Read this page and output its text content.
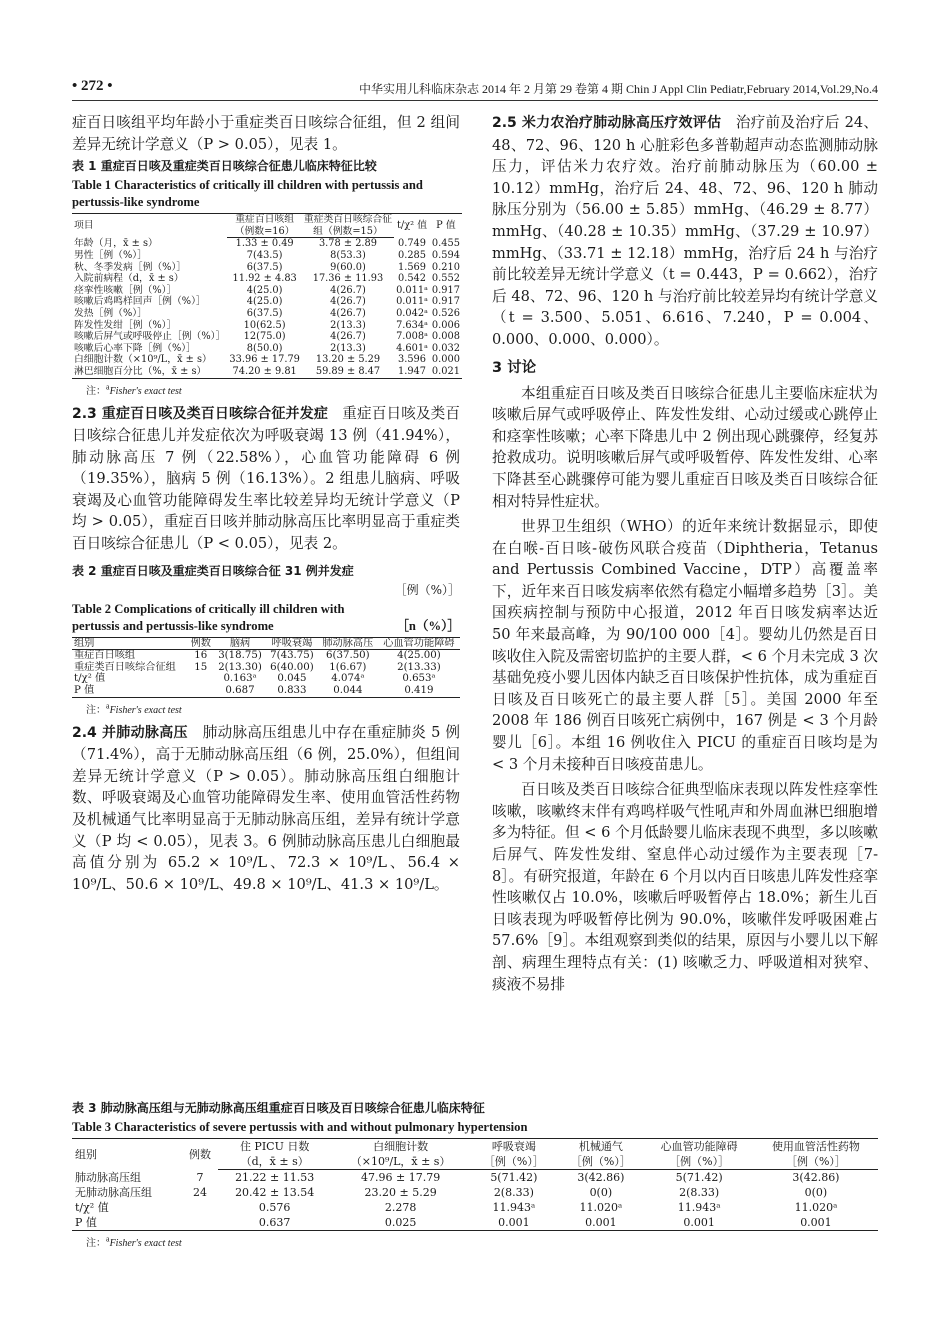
• 272 •	中华实用儿科临床杂志 2014 年 2 月第 29 卷第 4 期 Chin J Appl Clin Pediatr,February 2014,Vol.29,No.4

症百日咳组平均年龄小于重症类百日咳综合征组，但 2 组间差异无统计学意义（P > 0.05），见表 1。

表 1 重症百日咳及重症类百日咳综合征患儿临床特征比较
Table 1 Characteristics of critically ill children with pertussis and pertussis-like syndrome
项目	重症百日咳组	重症类百日咳综合征	t/χ² 值	P 值
	（例数=16）	组（例数=15）		
年龄（月，x̄ ± s）	1.33 ± 0.49	3.78 ± 2.89	0.749	0.455
男性［例（%）］	7(43.5)	8(53.3)	0.285	0.594
秋、冬季发病［例（%）］	6(37.5)	9(60.0)	1.569	0.210
入院前病程（d，x̄ ± s）	11.92 ± 4.83	17.36 ± 11.93	0.542	0.552
痉挛性咳嗽［例（%）］	4(25.0)	4(26.7)	0.011ᵃ	0.917
咳嗽后鸡鸣样回声［例（%）］	4(25.0)	4(26.7)	0.011ᵃ	0.917
发热［例（%）］	6(37.5)	4(26.7)	0.042ᵃ	0.526
阵发性发绀［例（%）］	10(62.5)	2(13.3)	7.634ᵃ	0.006
咳嗽后屏气或呼吸停止［例（%）］	12(75.0)	4(26.7)	7.008ᵃ	0.008
咳嗽后心率下降［例（%）］	8(50.0)	2(13.3)	4.601ᵃ	0.032
白细胞计数（×10⁹/L，x̄ ± s）	33.96 ± 17.79	13.20 ± 5.29	3.596	0.000
淋巴细胞百分比（%，x̄ ± s）	74.20 ± 9.81	59.89 ± 8.47	1.947	0.021
注：$^a$Fisher's exact test

2.3 重症百日咳及类百日咳综合征并发症 重症百日咳及类百日咳综合征患儿并发症依次为呼吸衰竭 13 例（41.94%），肺动脉高压 7 例（22.58%），心血管功能障碍 6 例（19.35%），脑病 5 例（16.13%）。2 组患儿脑病、呼吸衰竭及心血管功能障碍发生率比较差异均无统计学意义（P 均 > 0.05），重症百日咳并肺动脉高压比率明显高于重症类百日咳综合征患儿（P < 0.05），见表 2。

表 2 重症百日咳及重症类百日咳综合征 31 例并发症
［例（%）］
Table 2 Complications of critically ill children with pertussis and pertussis-like syndrome	［n（%）］
组别	例数	脑病	呼吸衰竭	肺动脉高压	心血管功能障碍
重症百日咳组	16	3(18.75)	7(43.75)	6(37.50)	4(25.00)
重症类百日咳综合征组	15	2(13.30)	6(40.00)	1(6.67)	2(13.33)
t/χ² 值		0.163ᵃ	0.045	4.074ᵃ	0.653ᵃ
P 值		0.687	0.833	0.044	0.419
注：$^a$Fisher's exact test

2.4 并肺动脉高压 肺动脉高压组患儿中存在重症肺炎 5 例（71.4%），高于无肺动脉高压组（6 例，25.0%），但组间差异无统计学意义（P > 0.05）。肺动脉高压组白细胞计数、呼吸衰竭及心血管功能障碍发生率、使用血管活性药物及机械通气比率明显高于无肺动脉高压组，差异有统计学意义（P 均 < 0.05），见表 3。6 例肺动脉高压患儿白细胞最高值分别为 65.2 × 10⁹/L、72.3 × 10⁹/L、56.4 × 10⁹/L、50.6 × 10⁹/L、49.8 × 10⁹/L、41.3 × 10⁹/L。

2.5 米力农治疗肺动脉高压疗效评估 治疗前及治疗后 24、48、72、96、120 h 心脏彩色多普勒超声动态监测肺动脉压力，评估米力农疗效。治疗前肺动脉压为（60.00 ± 10.12）mmHg，治疗后 24、48、72、96、120 h 肺动脉压分别为（56.00 ± 5.85）mmHg、（46.29 ± 8.77）mmHg、（40.28 ± 10.35）mmHg、（37.29 ± 10.97）mmHg、（33.71 ± 12.18）mmHg，治疗后 24 h 与治疗前比较差异无统计学意义（t = 0.443，P = 0.662），治疗后 48、72、96、120 h 与治疗前比较差异均有统计学意义（t = 3.500、5.051、6.616、7.240，P = 0.004、0.000、0.000、0.000）。

3 讨论

本组重症百日咳及类百日咳综合征患儿主要临床症状为咳嗽后屏气或呼吸停止、阵发性发绀、心动过缓或心跳停止和痉挛性咳嗽；心率下降患儿中 2 例出现心跳骤停，经复苏抢救成功。说明咳嗽后屏气或呼吸暂停、阵发性发绀、心率下降甚至心跳骤停可能为婴儿重症百日咳及类百日咳综合征相对特异性症状。

世界卫生组织（WHO）的近年来统计数据显示，即使在白喉-百日咳-破伤风联合疫苗（Diphtheria，Tetanus and Pertussis Combined Vaccine，DTP）高覆盖率下，近年来百日咳发病率依然有稳定小幅增多趋势［3］。美国疾病控制与预防中心报道，2012 年百日咳发病率达近 50 年来最高峰，为 90/100 000［4］。婴幼儿仍然是百日咳收住入院及需密切监护的主要人群，< 6 个月未完成 3 次基础免疫小婴儿因体内缺乏百日咳保护性抗体，成为重症百日咳及百日咳死亡的最主要人群［5］。美国 2000 年至 2008 年 186 例百日咳死亡病例中，167 例是 < 3 个月龄婴儿［6］。本组 16 例收住入 PICU 的重症百日咳均是为 < 3 个月未接种百日咳疫苗患儿。

百日咳及类百日咳综合征典型临床表现以阵发性痉挛性咳嗽，咳嗽终末伴有鸡鸣样吸气性吼声和外周血淋巴细胞增多为特征。但 < 6 个月低龄婴儿临床表现不典型，多以咳嗽后屏气、阵发性发绀、窒息伴心动过缓作为主要表现［7-8］。有研究报道，年龄在 6 个月以内百日咳患儿阵发性痉挛性咳嗽仅占 10.0%，咳嗽后呼吸暂停占 18.0%；新生儿百日咳表现为呼吸暂停比例为 90.0%，咳嗽伴发呼吸困难占 57.6%［9］。本组观察到类似的结果，原因与小婴儿以下解剖、病理生理特点有关：(1) 咳嗽乏力、呼吸道相对狭窄、痰液不易排

表 3 肺动脉高压组与无肺动脉高压组重症百日咳及百日咳综合征患儿临床特征
Table 3 Characteristics of severe pertussis with and without pulmonary hypertension
组别	例数	住 PICU 日数	白细胞计数	呼吸衰竭	机械通气	心血管功能障碍	使用血管活性药物
		（d，x̄ ± s）	（×10⁹/L，x̄ ± s）	［例（%）］	［例（%）］	［例（%）］	［例（%）］
肺动脉高压组	7	21.22 ± 11.53	47.96 ± 17.79	5(71.42)	3(42.86)	5(71.42)	3(42.86)
无肺动脉高压组	24	20.42 ± 13.54	23.20 ± 5.29	2(8.33)	0(0)	2(8.33)	0(0)
t/χ² 值		0.576	2.278	11.943ᵃ	11.020ᵃ	11.943ᵃ	11.020ᵃ
P 值		0.637	0.025	0.001	0.001	0.001	0.001
注：$^a$Fisher's exact test
